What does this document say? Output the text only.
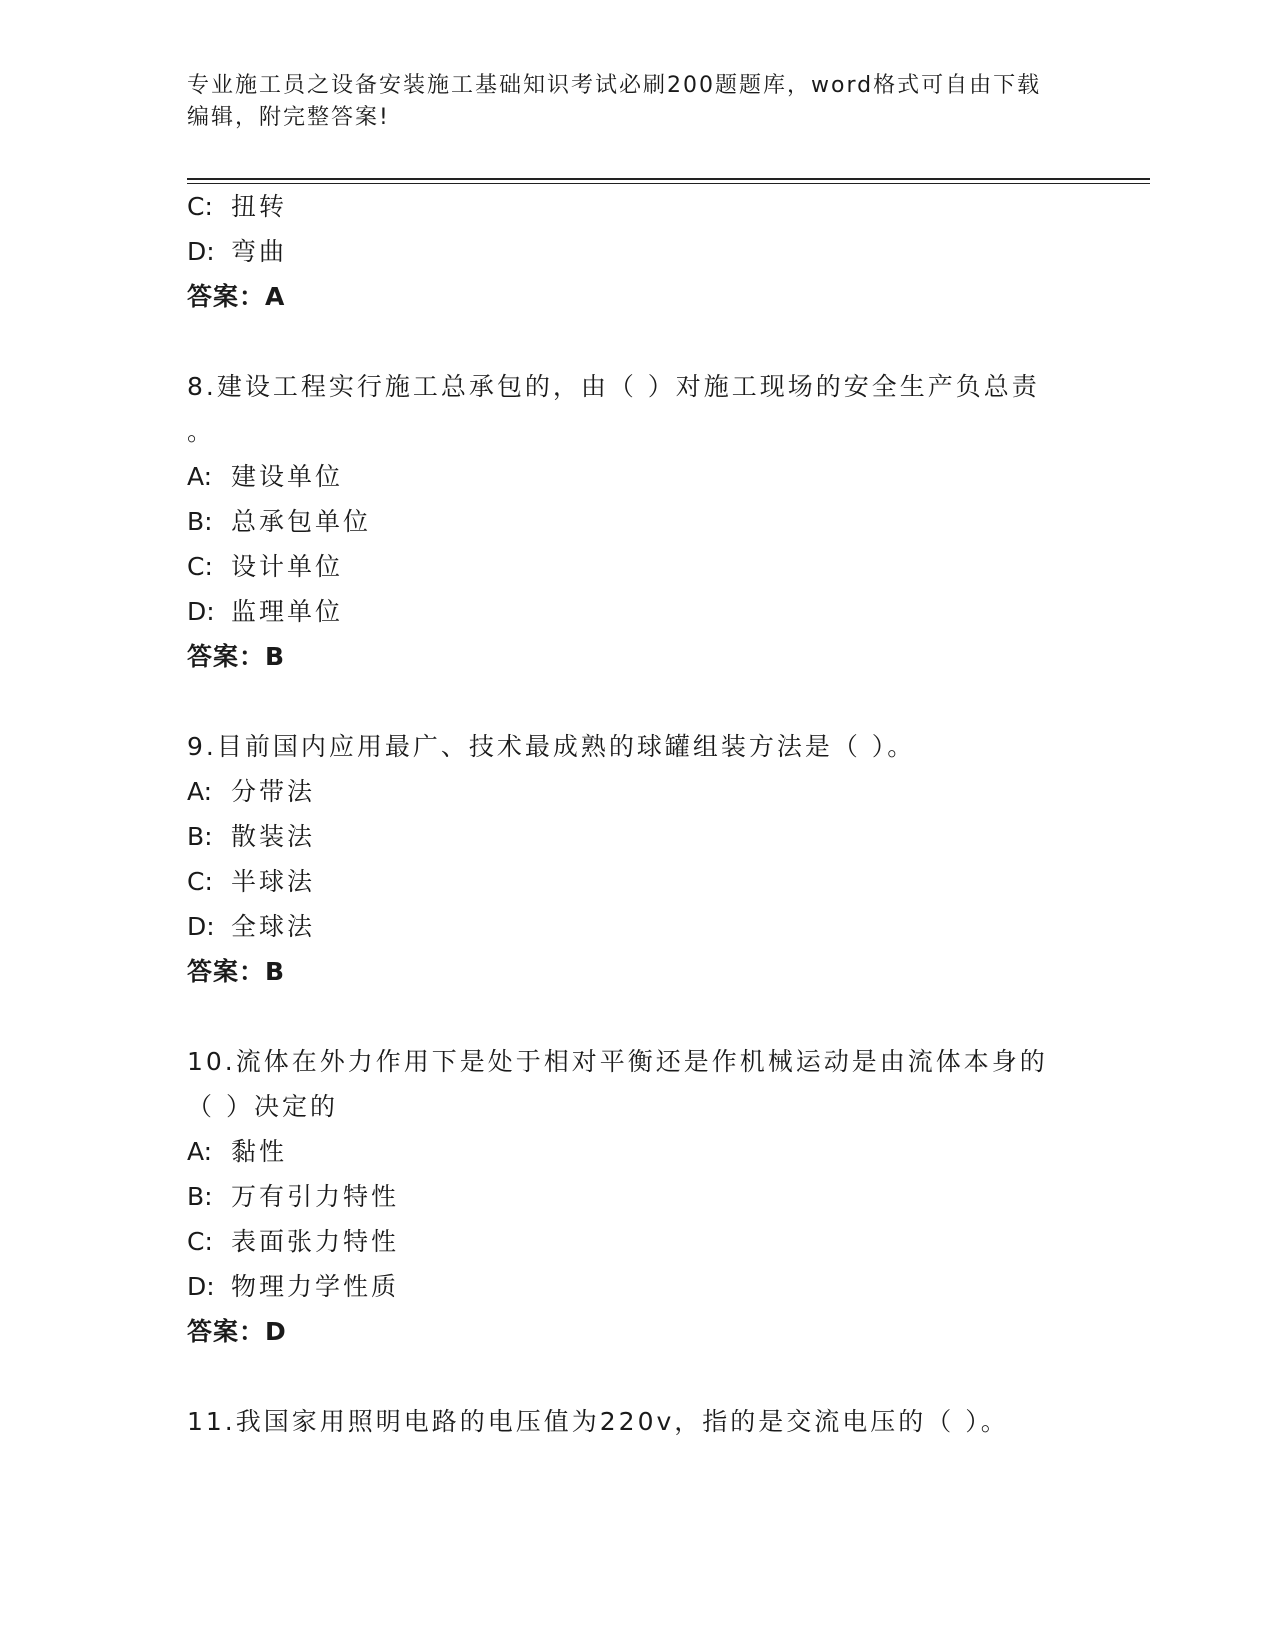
专业施工员之设备安装施工基础知识考试必刷200题题库，word格式可自由下载
编辑，附完整答案!
C: 扭转
D: 弯曲
答案：A
8.建设工程实行施工总承包的，由（ ）对施工现场的安全生产负总责
。
A: 建设单位
B: 总承包单位
C: 设计单位
D: 监理单位
答案：B
9.目前国内应用最广、技术最成熟的球罐组装方法是（ ）。
A: 分带法
B: 散装法
C: 半球法
D: 全球法
答案：B
10.流体在外力作用下是处于相对平衡还是作机械运动是由流体本身的
（ ）决定的
A: 黏性
B: 万有引力特性
C: 表面张力特性
D: 物理力学性质
答案：D
11.我国家用照明电路的电压值为220v，指的是交流电压的（ ）。
